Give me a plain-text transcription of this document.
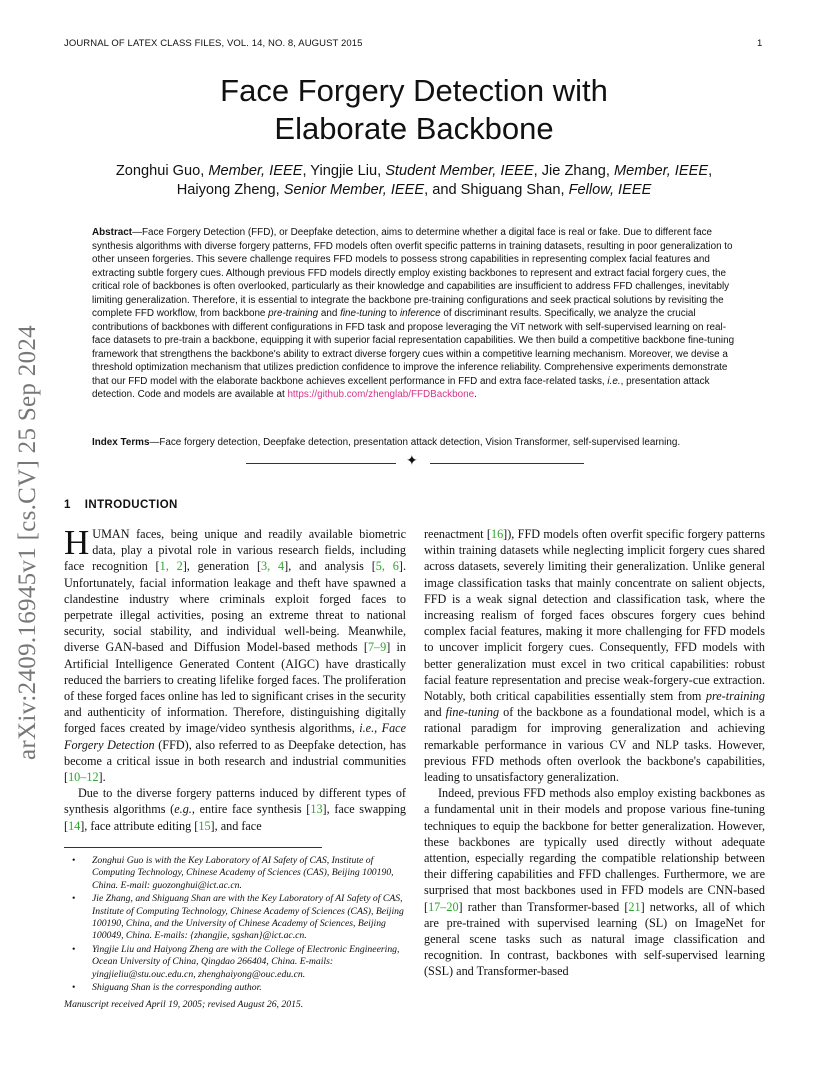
JOURNAL OF LATEX CLASS FILES, VOL. 14, NO. 8, AUGUST 2015	1
Face Forgery Detection with
Elaborate Backbone
Zonghui Guo, Member, IEEE, Yingjie Liu, Student Member, IEEE, Jie Zhang, Member, IEEE,
Haiyong Zheng, Senior Member, IEEE, and Shiguang Shan, Fellow, IEEE
Abstract—Face Forgery Detection (FFD), or Deepfake detection, aims to determine whether a digital face is real or fake. Due to different face synthesis algorithms with diverse forgery patterns, FFD models often overfit specific patterns in training datasets, resulting in poor generalization to other unseen forgeries. This severe challenge requires FFD models to possess strong capabilities in representing complex facial features and extracting subtle forgery cues. Although previous FFD models directly employ existing backbones to represent and extract facial forgery cues, the critical role of backbones is often overlooked, particularly as their knowledge and capabilities are insufficient to address FFD challenges, inevitably limiting generalization. Therefore, it is essential to integrate the backbone pre-training configurations and seek practical solutions by revisiting the complete FFD workflow, from backbone pre-training and fine-tuning to inference of discriminant results. Specifically, we analyze the crucial contributions of backbones with different configurations in FFD task and propose leveraging the ViT network with self-supervised learning on real-face datasets to pre-train a backbone, equipping it with superior facial representation capabilities. We then build a competitive backbone fine-tuning framework that strengthens the backbone's ability to extract diverse forgery cues within a competitive learning mechanism. Moreover, we devise a threshold optimization mechanism that utilizes prediction confidence to improve the inference reliability. Comprehensive experiments demonstrate that our FFD model with the elaborate backbone achieves excellent performance in FFD and extra face-related tasks, i.e., presentation attack detection. Code and models are available at https://github.com/zhenglab/FFDBackbone.
Index Terms—Face forgery detection, Deepfake detection, presentation attack detection, Vision Transformer, self-supervised learning.
✦
arXiv:2409.16945v1 [cs.CV] 25 Sep 2024	1 INTRODUCTION

HUMAN faces, being unique and readily available biometric data, play a pivotal role in various research fields, including face recognition [1, 2], generation [3, 4], and analysis [5, 6]. Unfortunately, facial information leakage and theft have spawned a clandestine industry where criminals exploit forged faces to perpetrate illegal activities, posing an extreme threat to national security, social stability, and individual well-being. Meanwhile, diverse GAN-based and Diffusion Model-based methods [7–9] in Artificial Intelligence Generated Content (AIGC) have drastically reduced the barriers to creating lifelike forged faces. The proliferation of these forged faces online has led to significant crises in the security and authenticity of information. Therefore, distinguishing digitally forged faces created by image/video synthesis algorithms, i.e., Face Forgery Detection (FFD), also referred to as Deepfake detection, has become a critical issue in both research and industrial communities [10–12].

Due to the diverse forgery patterns induced by different types of synthesis algorithms (e.g., entire face synthesis [13], face swapping [14], face attribute editing [15], and face

• Zonghui Guo is with the Key Laboratory of AI Safety of CAS, Institute of Computing Technology, Chinese Academy of Sciences (CAS), Beijing 100190, China. E-mail: guozonghui@ict.ac.cn.
• Jie Zhang, and Shiguang Shan are with the Key Laboratory of AI Safety of CAS, Institute of Computing Technology, Chinese Academy of Sciences (CAS), Beijing 100190, China, and the University of Chinese Academy of Sciences, Beijing 100049, China. E-mails: {zhangjie, sgshan}@ict.ac.cn.
• Yingjie Liu and Haiyong Zheng are with the College of Electronic Engineering, Ocean University of China, Qingdao 266404, China. E-mails: yingjieliu@stu.ouc.edu.cn, zhenghaiyong@ouc.edu.cn.
• Shiguang Shan is the corresponding author.
Manuscript received April 19, 2005; revised August 26, 2015.

reenactment [16]), FFD models often overfit specific forgery patterns within training datasets while neglecting implicit forgery cues shared across datasets, severely limiting their generalization. Unlike general image classification tasks that mainly concentrate on salient objects, FFD is a weak signal detection and classification task, where the increasing realism of forged faces obscures forgery cues behind complex facial features, making it more challenging for FFD models to uncover implicit forgery cues. Consequently, FFD models with better generalization must excel in two critical capabilities: robust facial feature representation and precise weak-forgery-cue extraction. Notably, both critical capabilities essentially stem from pre-training and fine-tuning of the backbone as a foundational model, which is a rational paradigm for improving generalization and achieving remarkable performance in various CV and NLP tasks. However, previous FFD methods often overlook the backbone's capabilities, leading to unsatisfactory generalization.

Indeed, previous FFD methods also employ existing backbones as a fundamental unit in their models and propose various fine-tuning techniques to equip the backbone for better generalization. However, these backbones are typically used directly without adequate attention, especially regarding the compatible relationship between their differing capabilities and FFD challenges. Furthermore, we are surprised that most backbones used in FFD models are CNN-based [17–20] rather than Transformer-based [21] networks, all of which are pre-trained with supervised learning (SL) on ImageNet for general scene tasks such as natural image classification and recognition. In contrast, backbones with self-supervised learning (SSL) and Transformer-based
